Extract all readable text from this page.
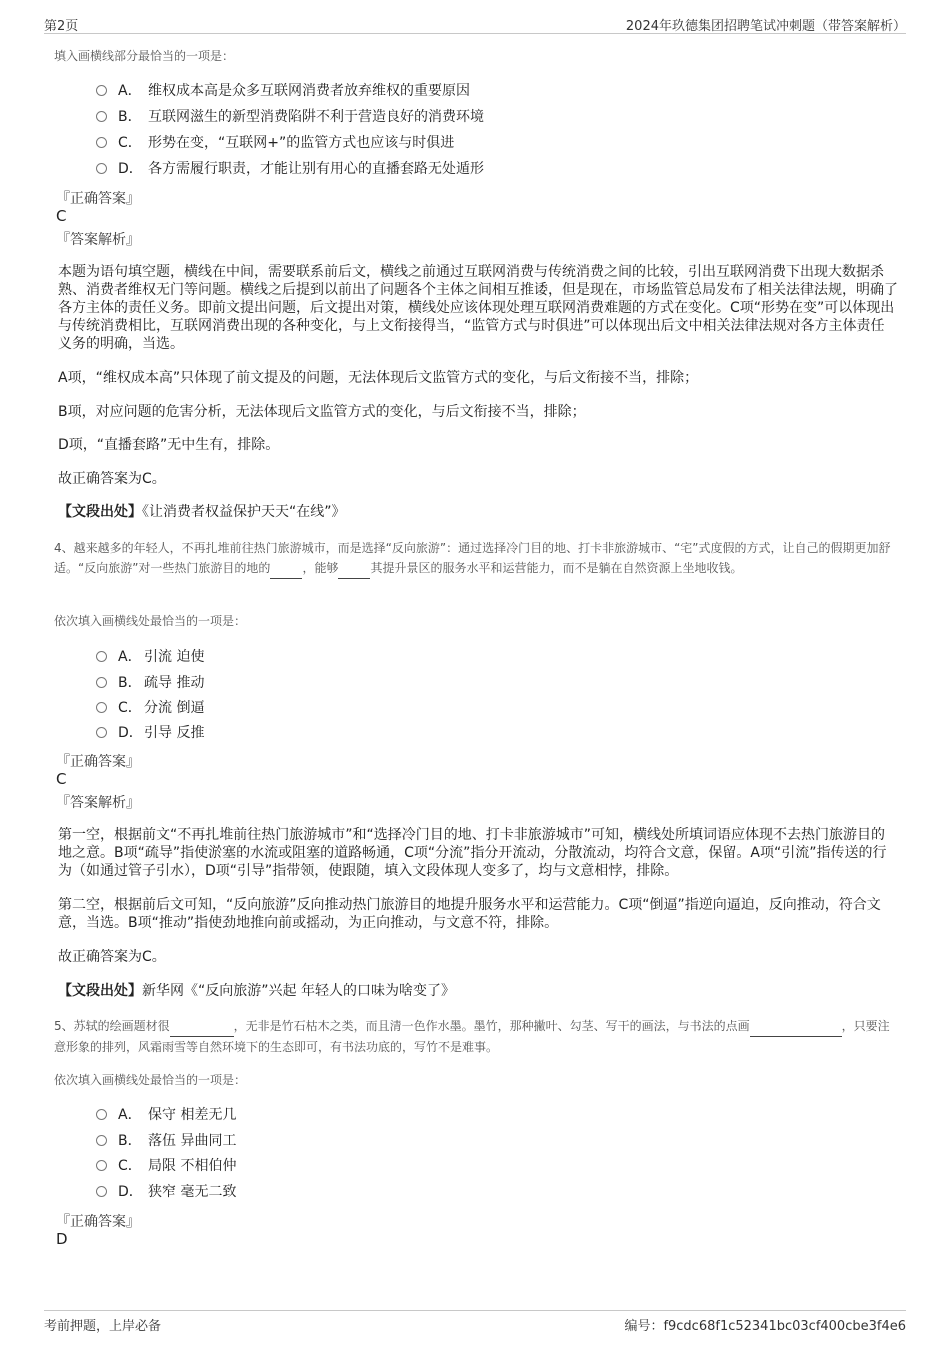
第2页	2024年玖德集团招聘笔试冲刺题（带答案解析）
填入画横线部分最恰当的一项是：
A． 维权成本高是众多互联网消费者放弃维权的重要原因
B． 互联网滋生的新型消费陷阱不利于营造良好的消费环境
C． 形势在变，“互联网+”的监管方式也应该与时俱进
D． 各方需履行职责，才能让别有用心的直播套路无处遁形
『正确答案』
C
『答案解析』
本题为语句填空题，横线在中间，需要联系前后文，横线之前通过互联网消费与传统消费之间的比较，引出互联网消费下出现大数据杀熟、消费者维权无门等问题。横线之后提到以前出了问题各个主体之间相互推诿，但是现在，市场监管总局发布了相关法律法规，明确了各方主体的责任义务。即前文提出问题，后文提出对策，横线处应该体现处理互联网消费难题的方式在变化。C项“形势在变”可以体现出与传统消费相比，互联网消费出现的各种变化，与上文衔接得当，“监管方式与时俱进”可以体现出后文中相关法律法规对各方主体责任义务的明确，当选。
A项，“维权成本高”只体现了前文提及的问题，无法体现后文监管方式的变化，与后文衔接不当，排除；
B项，对应问题的危害分析，无法体现后文监管方式的变化，与后文衔接不当，排除；
D项，“直播套路”无中生有，排除。
故正确答案为C。
【文段出处】《让消费者权益保护天天“在线”》
4、越来越多的年轻人，不再扎堆前往热门旅游城市，而是选择“反向旅游”：通过选择冷门目的地、打卡非旅游城市、“宅”式度假的方式，让自己的假期更加舒适。“反向旅游”对一些热门旅游目的地的	，能够	其提升景区的服务水平和运营能力，而不是躺在自然资源上坐地收钱。
依次填入画横线处最恰当的一项是：
A． 引流 迫使
B． 疏导 推动
C． 分流 倒逼
D．引导 反推
『正确答案』
C
『答案解析』
第一空，根据前文“不再扎堆前往热门旅游城市”和“选择冷门目的地、打卡非旅游城市”可知，横线处所填词语应体现不去热门旅游目的地之意。B项“疏导”指使淤塞的水流或阻塞的道路畅通，C项“分流”指分开流动，分散流动，均符合文意，保留。A项“引流”指传送的行为（如通过管子引水），D项“引导”指带领，使跟随，填入文段体现人变多了，均与文意相悖，排除。
第二空，根据前后文可知，“反向旅游”反向推动热门旅游目的地提升服务水平和运营能力。C项“倒逼”指逆向逼迫，反向推动，符合文意，当选。B项“推动”指使劲地推向前或摇动，为正向推动，与文意不符，排除。
故正确答案为C。
【文段出处】新华网《“反向旅游”兴起 年轻人的口味为啥变了》
5、苏轼的绘画题材很	，无非是竹石枯木之类，而且清一色作水墨。墨竹，那种撇叶、勾茎、写干的画法，与书法的点画	，只要注意形象的排列，风霜雨雪等自然环境下的生态即可，有书法功底的，写竹不是难事。
依次填入画横线处最恰当的一项是：
A． 保守 相差无几
B． 落伍 异曲同工
C． 局限 不相伯仲
D． 狭窄 毫无二致
『正确答案』
D
考前押题，上岸必备	编号：f9cdc68f1c52341bc03cf400cbe3f4e6
